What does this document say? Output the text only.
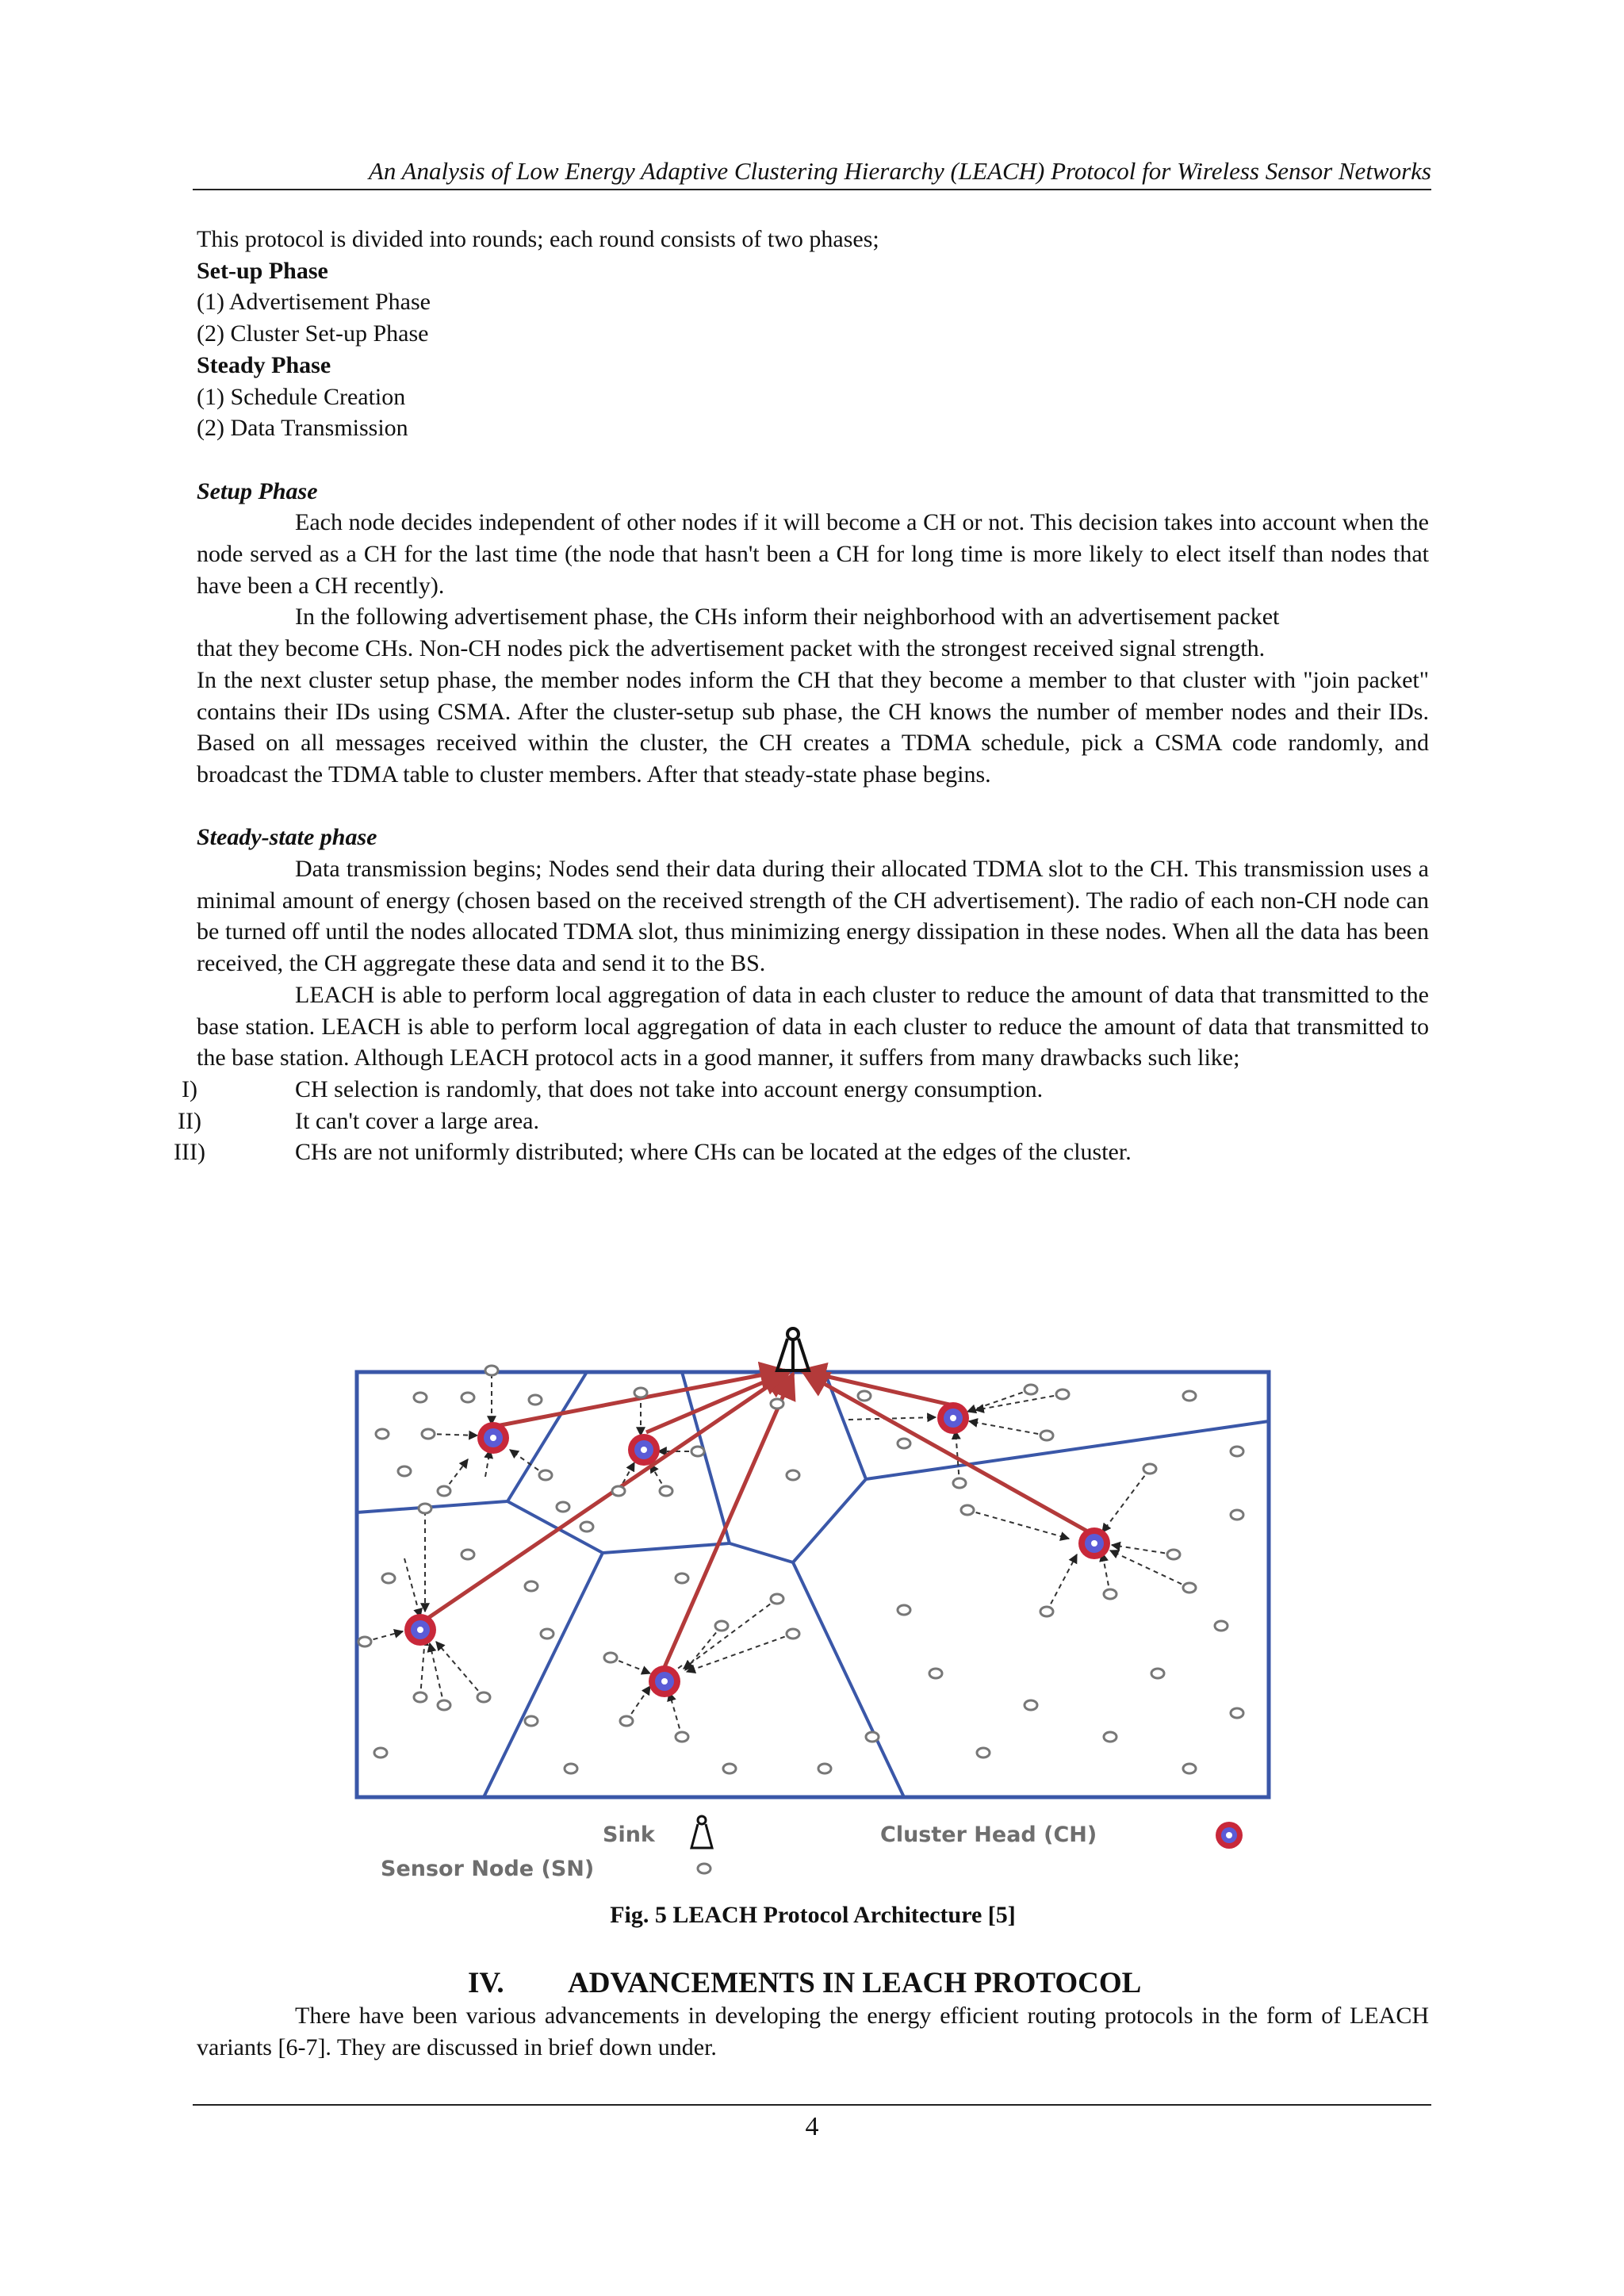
An Analysis of Low Energy Adaptive Clustering Hierarchy (LEACH) Protocol for Wireless Sensor Networks
This protocol is divided into rounds; each round consists of two phases;
Set-up Phase
(1) Advertisement Phase
(2) Cluster Set-up Phase
Steady Phase
(1) Schedule Creation
(2) Data Transmission
Setup Phase
Each node decides independent of other nodes if it will become a CH or not. This decision takes into account when the node served as a CH for the last time (the node that hasn't been a CH for long time is more likely to elect itself than nodes that have been a CH recently).
In the following advertisement phase, the CHs inform their neighborhood with an advertisement packet
that they become CHs. Non-CH nodes pick the advertisement packet with the strongest received signal strength.
In the next cluster setup phase, the member nodes inform the CH that they become a member to that cluster with "join packet" contains their IDs using CSMA. After the cluster-setup sub phase, the CH knows the number of member nodes and their IDs. Based on all messages received within the cluster, the CH creates a TDMA schedule, pick a CSMA code randomly, and broadcast the TDMA table to cluster members. After that steady-state phase begins.
Steady-state phase
Data transmission begins; Nodes send their data during their allocated TDMA slot to the CH. This transmission uses a minimal amount of energy (chosen based on the received strength of the CH advertisement). The radio of each non-CH node can be turned off until the nodes allocated TDMA slot, thus minimizing energy dissipation in these nodes. When all the data has been received, the CH aggregate these data and send it to the BS.
LEACH is able to perform local aggregation of data in each cluster to reduce the amount of data that transmitted to the base station. LEACH is able to perform local aggregation of data in each cluster to reduce the amount of data that transmitted to the base station. Although LEACH protocol acts in a good manner, it suffers from many drawbacks such like;
I)	CH selection is randomly, that does not take into account energy consumption.
II)	It can't cover a large area.
III)	CHs are not uniformly distributed; where CHs can be located at the edges of the cluster.
Sink	Cluster Head (CH)
Sensor Node (SN)
Fig. 5 LEACH Protocol Architecture [5]
IV. ADVANCEMENTS IN LEACH PROTOCOL
There have been various advancements in developing the energy efficient routing protocols in the form of LEACH variants [6-7]. They are discussed in brief down under.
4
